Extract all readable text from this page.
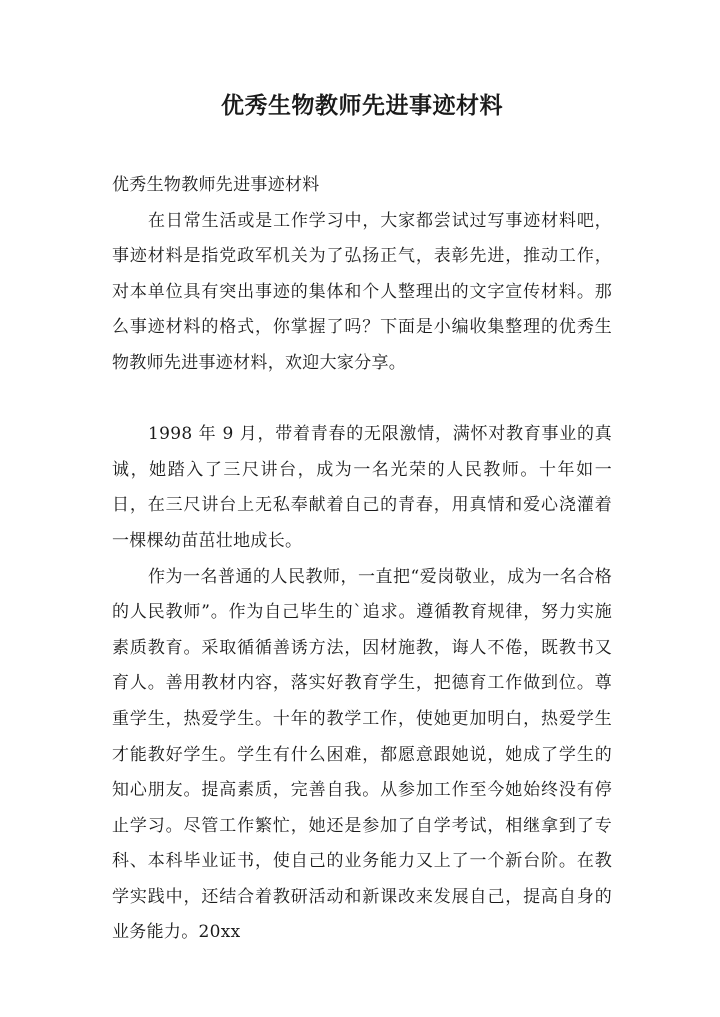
优秀生物教师先进事迹材料

优秀生物教师先进事迹材料

在日常生活或是工作学习中，大家都尝试过写事迹材料吧，事迹材料是指党政军机关为了弘扬正气，表彰先进，推动工作，对本单位具有突出事迹的集体和个人整理出的文字宣传材料。那么事迹材料的格式，你掌握了吗？下面是小编收集整理的优秀生物教师先进事迹材料，欢迎大家分享。

1998 年 9 月，带着青春的无限激情，满怀对教育事业的真诚，她踏入了三尺讲台，成为一名光荣的人民教师。十年如一日，在三尺讲台上无私奉献着自己的青春，用真情和爱心浇灌着一棵棵幼苗茁壮地成长。

作为一名普通的人民教师，一直把“爱岗敬业，成为一名合格的人民教师”。作为自己毕生的`追求。遵循教育规律，努力实施素质教育。采取循循善诱方法，因材施教，诲人不倦，既教书又育人。善用教材内容，落实好教育学生，把德育工作做到位。尊重学生，热爱学生。十年的教学工作，使她更加明白，热爱学生才能教好学生。学生有什么困难，都愿意跟她说，她成了学生的知心朋友。提高素质，完善自我。从参加工作至今她始终没有停止学习。尽管工作繁忙，她还是参加了自学考试，相继拿到了专科、本科毕业证书，使自己的业务能力又上了一个新台阶。在教学实践中，还结合着教研活动和新课改来发展自己，提高自身的业务能力。20xx
